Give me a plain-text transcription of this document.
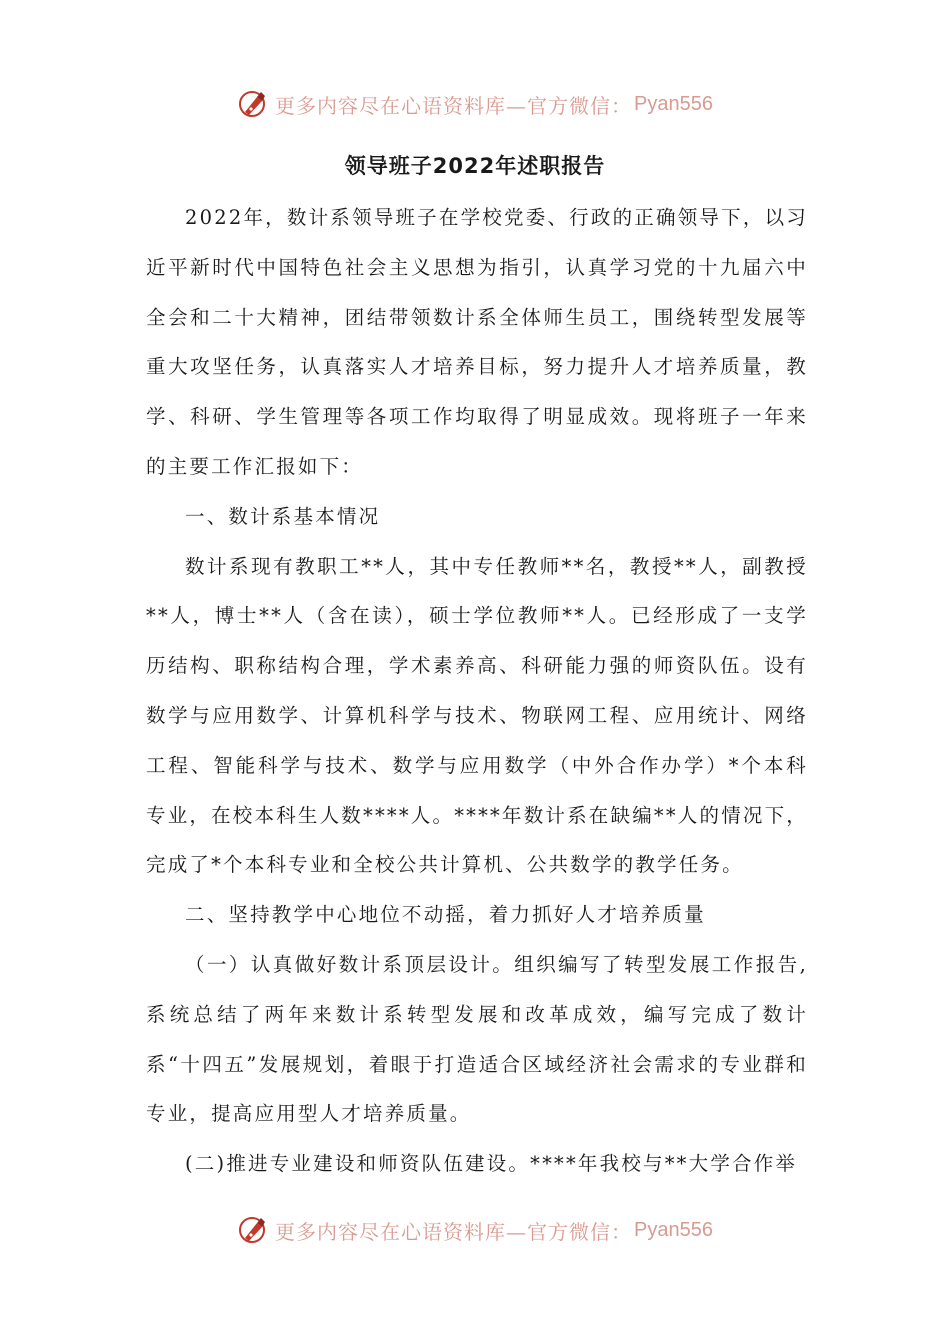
更多内容尽在心语资料库—官方微信： Pyan556
领导班子2022年述职报告

2022年，数计系领导班子在学校党委、行政的正确领导下，以习近平新时代中国特色社会主义思想为指引，认真学习党的十九届六中全会和二十大精神，团结带领数计系全体师生员工，围绕转型发展等重大攻坚任务，认真落实人才培养目标，努力提升人才培养质量，教学、科研、学生管理等各项工作均取得了明显成效。现将班子一年来的主要工作汇报如下：

一、数计系基本情况

数计系现有教职工**人，其中专任教师**名，教授**人，副教授**人，博士**人（含在读），硕士学位教师**人。已经形成了一支学历结构、职称结构合理，学术素养高、科研能力强的师资队伍。设有数学与应用数学、计算机科学与技术、物联网工程、应用统计、网络工程、智能科学与技术、数学与应用数学（中外合作办学）*个本科专业，在校本科生人数****人。****年数计系在缺编**人的情况下，完成了*个本科专业和全校公共计算机、公共数学的教学任务。

二、坚持教学中心地位不动摇，着力抓好人才培养质量

（一）认真做好数计系顶层设计。组织编写了转型发展工作报告,系统总结了两年来数计系转型发展和改革成效，编写完成了数计系“十四五”发展规划，着眼于打造适合区域经济社会需求的专业群和专业，提高应用型人才培养质量。

(二)推进专业建设和师资队伍建设。****年我校与**大学合作举

更多内容尽在心语资料库—官方微信： Pyan556
